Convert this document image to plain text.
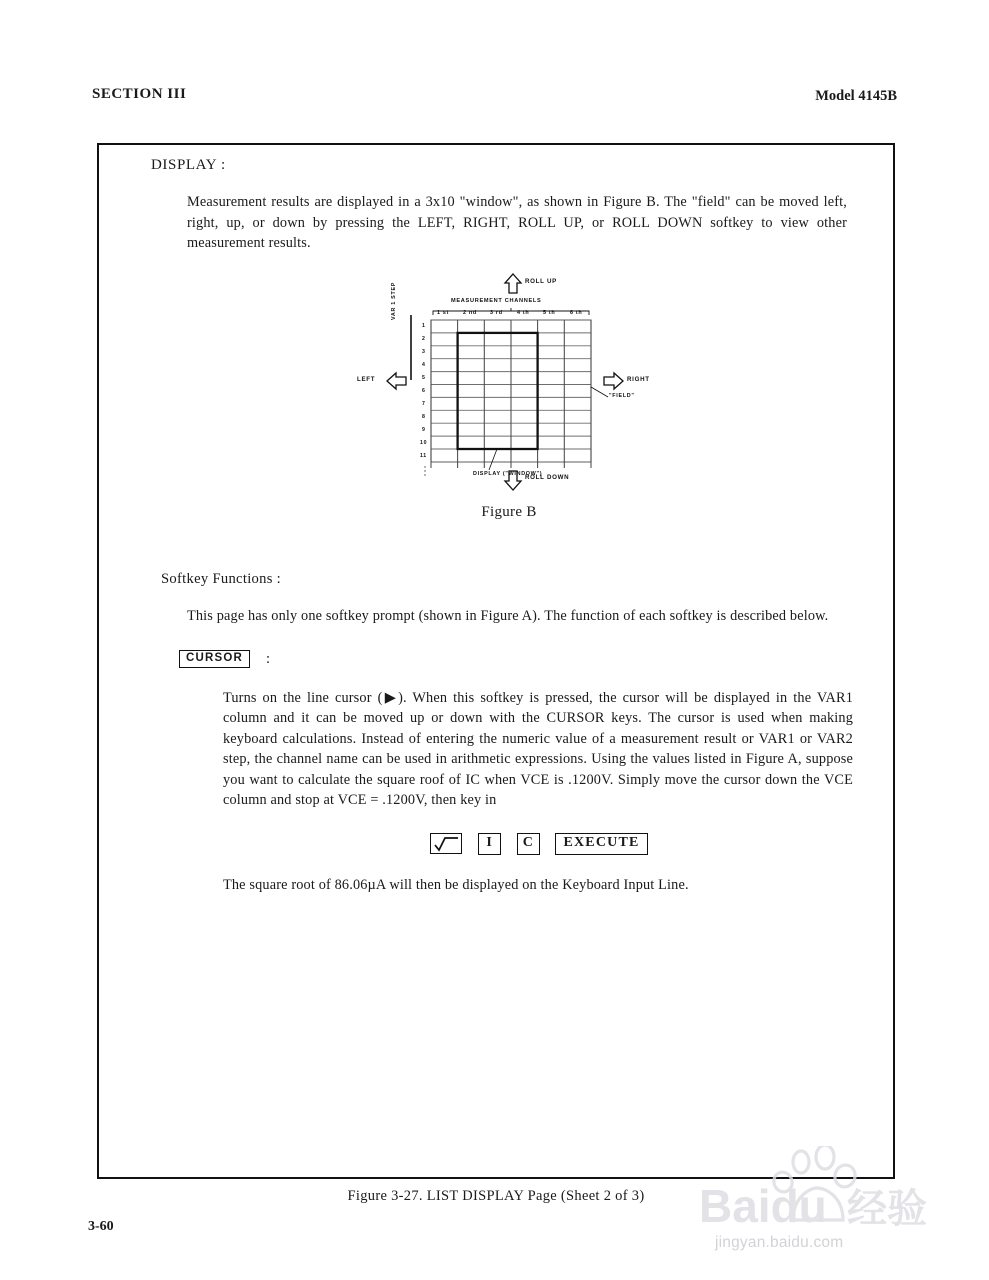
SECTION III	Model 4145B
DISPLAY :
Measurement results are displayed in a 3x10 "window", as shown in Figure B. The "field" can be moved left, right, up, or down by pressing the LEFT, RIGHT, ROLL UP, or ROLL DOWN softkey to view other measurement results.
ROLL UP
ROLL DOWN
LEFT	RIGHT
MEASUREMENT CHANNELS
VAR 1 STEP
DISPLAY ("WINDOW")
"FIELD"
1 st	2 nd 3 rd	4 th	5 th	6 th
1
2
3
4
5
6
7
8
9
10
11
Figure B
Softkey Functions :
This page has only one softkey prompt (shown in Figure A). The function of each softkey is described below.
CURSOR :
Turns on the line cursor (▶). When this softkey is pressed, the cursor will be displayed in the VAR1 column and it can be moved up or down with the CURSOR keys. The cursor is used when making keyboard calculations. Instead of entering the numeric value of a measurement result or VAR1 or VAR2 step, the channel name can be used in arithmetic expressions. Using the values listed in Figure A, suppose you want to calculate the square roof of IC when VCE is .1200V. Simply move the cursor down the VCE column and stop at VCE = .1200V, then key in
I C EXECUTE
The square root of 86.06µA will then be displayed on the Keyboard Input Line.
Figure 3-27. LIST DISPLAY Page (Sheet 2 of 3)
3-60	Baidu 经验
jingyan.baidu.com
